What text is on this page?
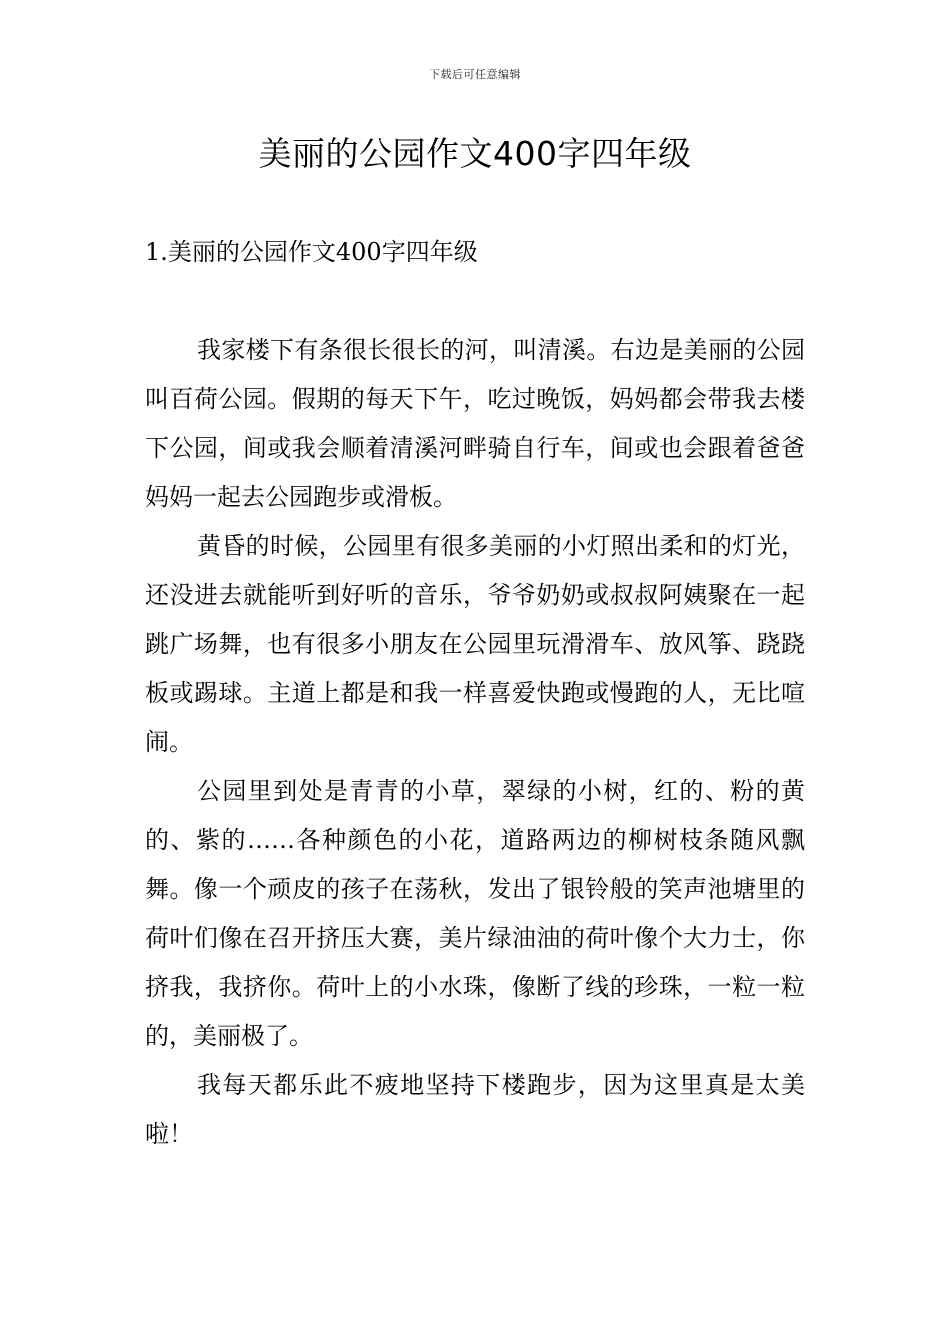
下载后可任意编辑
美丽的公园作文400字四年级
1.美丽的公园作文400字四年级

我家楼下有条很长很长的河，叫清溪。右边是美丽的公园叫百荷公园。假期的每天下午，吃过晚饭，妈妈都会带我去楼下公园，间或我会顺着清溪河畔骑自行车，间或也会跟着爸爸妈妈一起去公园跑步或滑板。

黄昏的时候，公园里有很多美丽的小灯照出柔和的灯光，还没进去就能听到好听的音乐，爷爷奶奶或叔叔阿姨聚在一起跳广场舞，也有很多小朋友在公园里玩滑滑车、放风筝、跷跷板或踢球。主道上都是和我一样喜爱快跑或慢跑的人，无比喧闹。

公园里到处是青青的小草，翠绿的小树，红的、粉的黄的、紫的……各种颜色的小花，道路两边的柳树枝条随风飘舞。像一个顽皮的孩子在荡秋，发出了银铃般的笑声池塘里的荷叶们像在召开挤压大赛，美片绿油油的荷叶像个大力士，你挤我，我挤你。荷叶上的小水珠，像断了线的珍珠，一粒一粒的，美丽极了。

我每天都乐此不疲地坚持下楼跑步，因为这里真是太美啦！
